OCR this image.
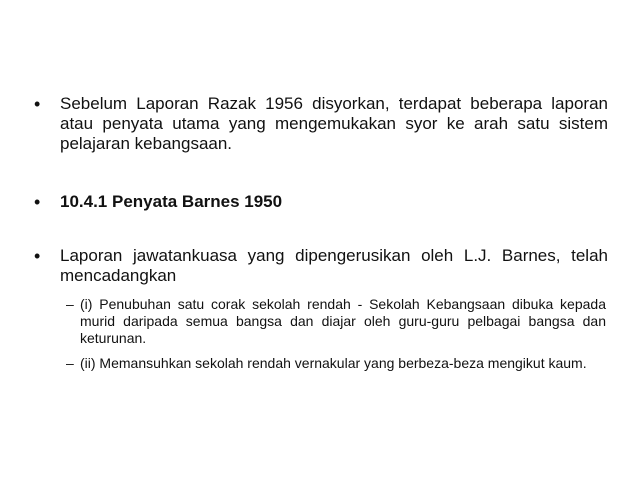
•	Sebelum Laporan Razak 1956 disyorkan, terdapat beberapa laporan atau penyata utama yang mengemukakan syor ke arah satu sistem pelajaran kebangsaan.
•	10.4.1 Penyata Barnes 1950
•	Laporan jawatankuasa yang dipengerusikan oleh L.J. Barnes, telah mencadangkan
– (i) Penubuhan satu corak sekolah rendah - Sekolah Kebangsaan dibuka kepada murid daripada semua bangsa dan diajar oleh guru-guru pelbagai bangsa dan keturunan.
– (ii) Memansuhkan sekolah rendah vernakular yang berbeza-beza mengikut kaum.
